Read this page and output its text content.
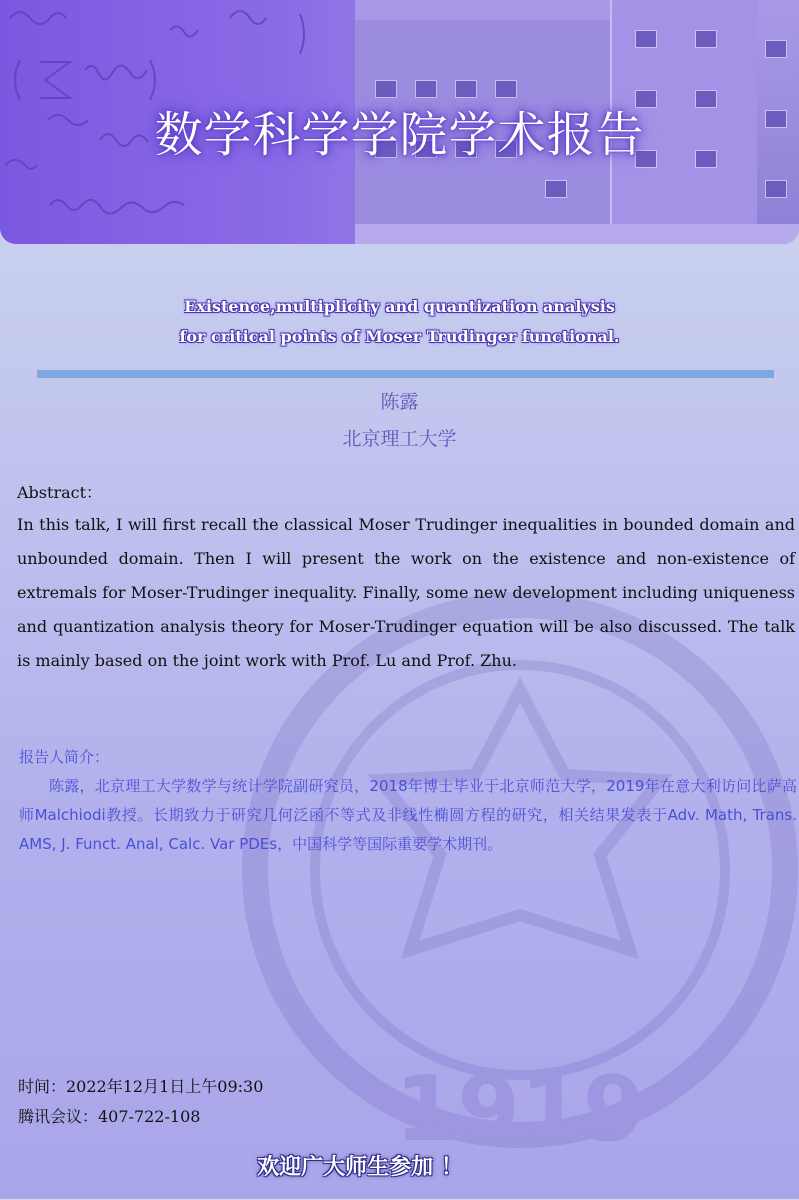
数学科学学院学术报告
1919
Existence,multiplicity and quantization analysis
for critical points of Moser Trudinger functional.
陈露
北京理工大学
Abstract：
In this talk, I will first recall the classical Moser Trudinger inequalities in bounded domain and unbounded domain. Then I will present the work on the existence and non-existence of extremals for Moser-Trudinger inequality. Finally, some new development including uniqueness and quantization analysis theory for Moser-Trudinger equation will be also discussed. The talk is mainly based on the joint work with Prof. Lu and Prof. Zhu.
报告人简介：
陈露，北京理工大学数学与统计学院副研究员，2018年博士毕业于北京师范大学，2019年在意大利访问比萨高师Malchiodi教授。长期致力于研究几何泛函不等式及非线性椭圆方程的研究，相关结果发表于Adv. Math, Trans. AMS, J. Funct. Anal, Calc. Var PDEs，中国科学等国际重要学术期刊。
时间：2022年12月1日上午09:30
腾讯会议：407-722-108
欢迎广大师生参加 ！
